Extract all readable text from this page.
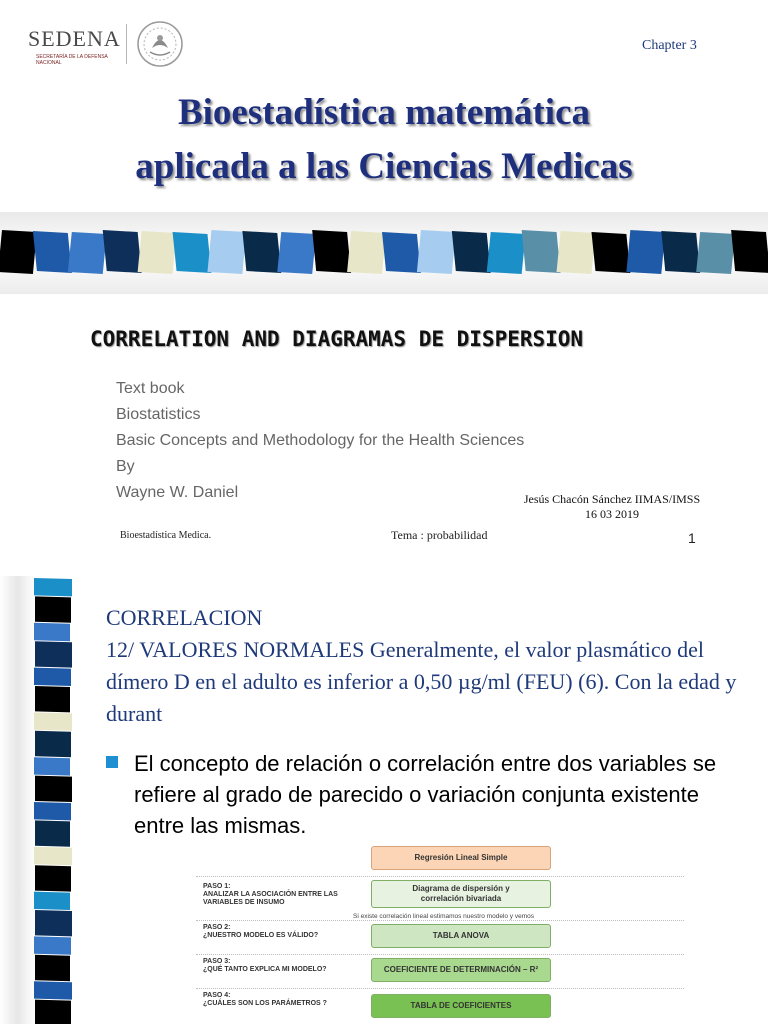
SEDENA
SECRETARÍA DE LA DEFENSA NACIONAL
Chapter 3
Bioestadística matemática
aplicada a las Ciencias Medicas
CORRELATION AND DIAGRAMAS DE DISPERSION
Text book
Biostatistics
Basic Concepts and Methodology for the Health Sciences
By
Wayne W. Daniel	Jesús Chacón Sánchez IIMAS/IMSS
16 03 2019
Bioestadística Medica.	Tema : probabilidad	1
CORRELACION
12/ VALORES NORMALES Generalmente, el valor plasmático del dímero D en el adulto es inferior a 0,50 µg/ml (FEU) (6). Con la edad y durant
El concepto de relación o correlación entre dos variables se refiere al grado de parecido o variación conjunta existente entre las mismas.
Regresión Lineal Simple
PASO 1:
ANALIZAR LA ASOCIACIÓN ENTRE LAS VARIABLES DE INSUMO
Diagrama de dispersión y correlación bivariada
Si existe correlación lineal estimamos nuestro modelo y vemos
PASO 2:
¿NUESTRO MODELO ES VÁLIDO?	TABLA ANOVA
PASO 3:
¿QUÉ TANTO EXPLICA MI MODELO?	COEFICIENTE DE DETERMINACIÓN – R²
PASO 4:
¿CUÁLES SON LOS PARÁMETROS ?	TABLA DE COEFICIENTES
